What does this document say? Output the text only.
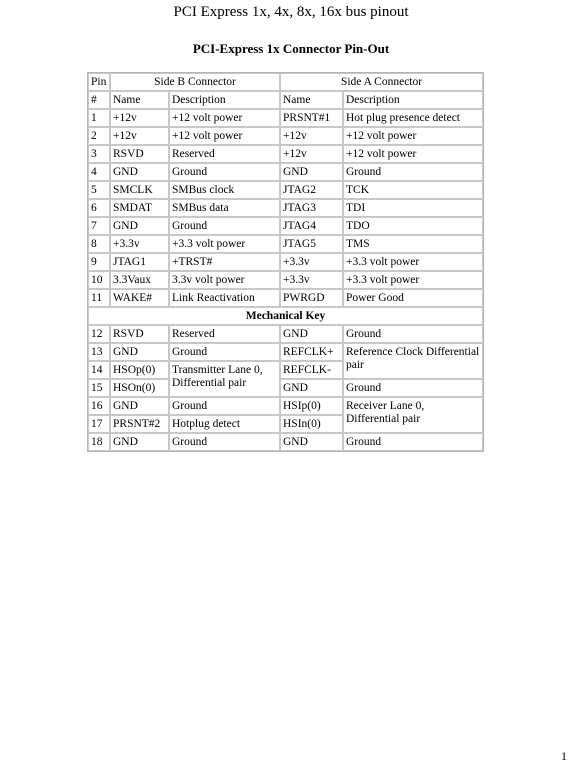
PCI Express 1x, 4x, 8x, 16x bus pinout
PCI-Express 1x Connector Pin-Out
Pin	Side B Connector		Side A Connector	
#	Name	Description	Name	Description
1	+12v	+12 volt power	PRSNT#1	Hot plug presence detect
2	+12v	+12 volt power	+12v	+12 volt power
3	RSVD	Reserved	+12v	+12 volt power
4	GND	Ground	GND	Ground
5	SMCLK	SMBus clock	JTAG2	TCK
6	SMDAT	SMBus data	JTAG3	TDI
7	GND	Ground	JTAG4	TDO
8	+3.3v	+3.3 volt power	JTAG5	TMS
9	JTAG1	+TRST#	+3.3v	+3.3 volt power
10	3.3Vaux	3.3v volt power	+3.3v	+3.3 volt power
11	WAKE#	Link Reactivation	PWRGD	Power Good
Mechanical Key				
12	RSVD	Reserved	GND	Ground
13	GND	Ground	REFCLK+	Reference Clock Differential pair
14	HSOp(0)	Transmitter Lane 0, Differential pair	REFCLK-	
15	HSOn(0)		GND	Ground
16	GND	Ground	HSIp(0)	Receiver Lane 0, Differential pair
17	PRSNT#2	Hotplug detect	HSIn(0)	
18	GND	Ground	GND	Ground
1
